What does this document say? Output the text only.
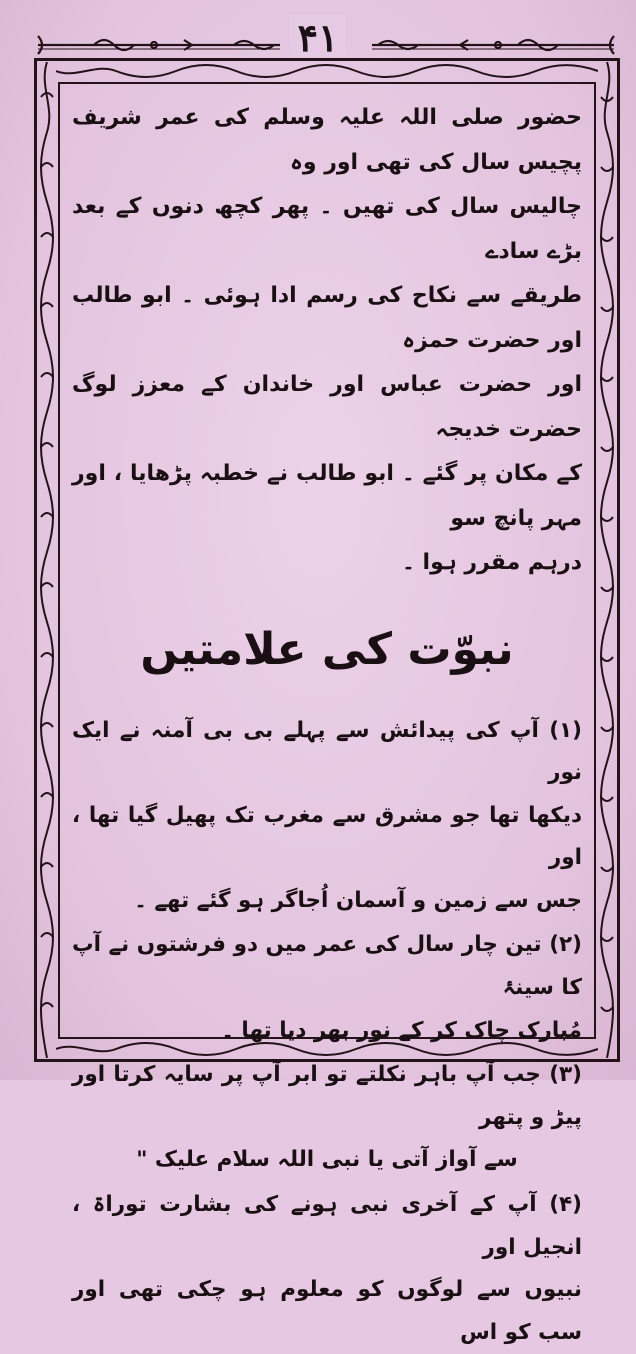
۴۱

حضور صلی اللہ علیہ وسلم کی عمر شریف پچیس سال کی تھی اور وہ

چالیس سال کی تھیں ۔ پھر کچھ دنوں کے بعد بڑے سادے

طریقے سے نکاح کی رسم ادا ہوئی ۔ ابو طالب اور حضرت حمزہ

اور حضرت عباس اور خاندان کے معزز لوگ حضرت خدیجہ

کے مکان پر گئے ۔ ابو طالب نے خطبہ پڑھایا ، اور مہر پانچ سو

درہم مقرر ہوا ۔

نبوّت کی علامتیں

(۱) آپ کی پیدائش سے پہلے بی بی آمنہ نے ایک نور

دیکھا تھا جو مشرق سے مغرب تک پھیل گیا تھا ، اور

جس سے زمین و آسمان اُجاگر ہو گئے تھے ۔

(۲) تین چار سال کی عمر میں دو فرشتوں نے آپ کا سینۂ

مُبارک چاک کر کے نور بھر دیا تھا ۔

(۳) جب آپ باہر نکلتے تو ابر آپ پر سایہ کرتا اور پیڑ و پتھر

سے آواز آتی یا نبی اللہ سلام علیک "

(۴) آپ کے آخری نبی ہونے کی بشارت توراۃ ، انجیل اور

نبیوں سے لوگوں کو معلوم ہو چکی تھی اور سب کو اس
